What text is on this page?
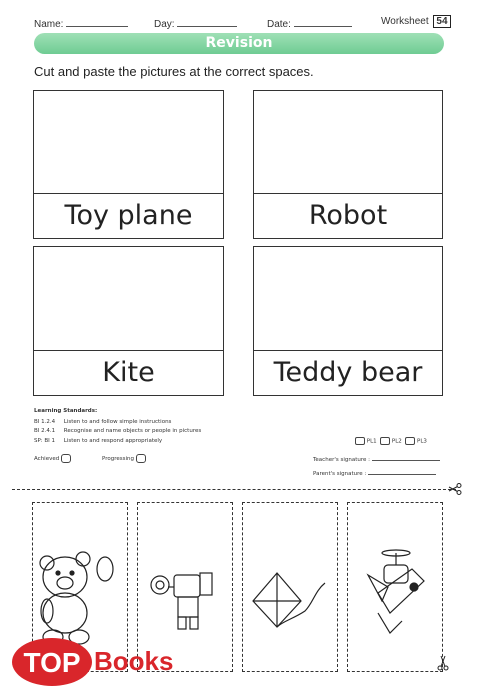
Name:	Day:	Date:	Worksheet 54
Revision
Cut and paste the pictures at the correct spaces.
Toy plane	Robot
Kite	Teddy bear
Learning Standards:
BI 1.2.4 Listen to and follow simple instructions
BI 2.4.1 Recognise and name objects or people in pictures
SP: BI 1 Listen to and respond appropriately	PL1	PL2	PL3
Achieved	Progressing	Teacher's signature :
Parent's signature :
TOP Books
